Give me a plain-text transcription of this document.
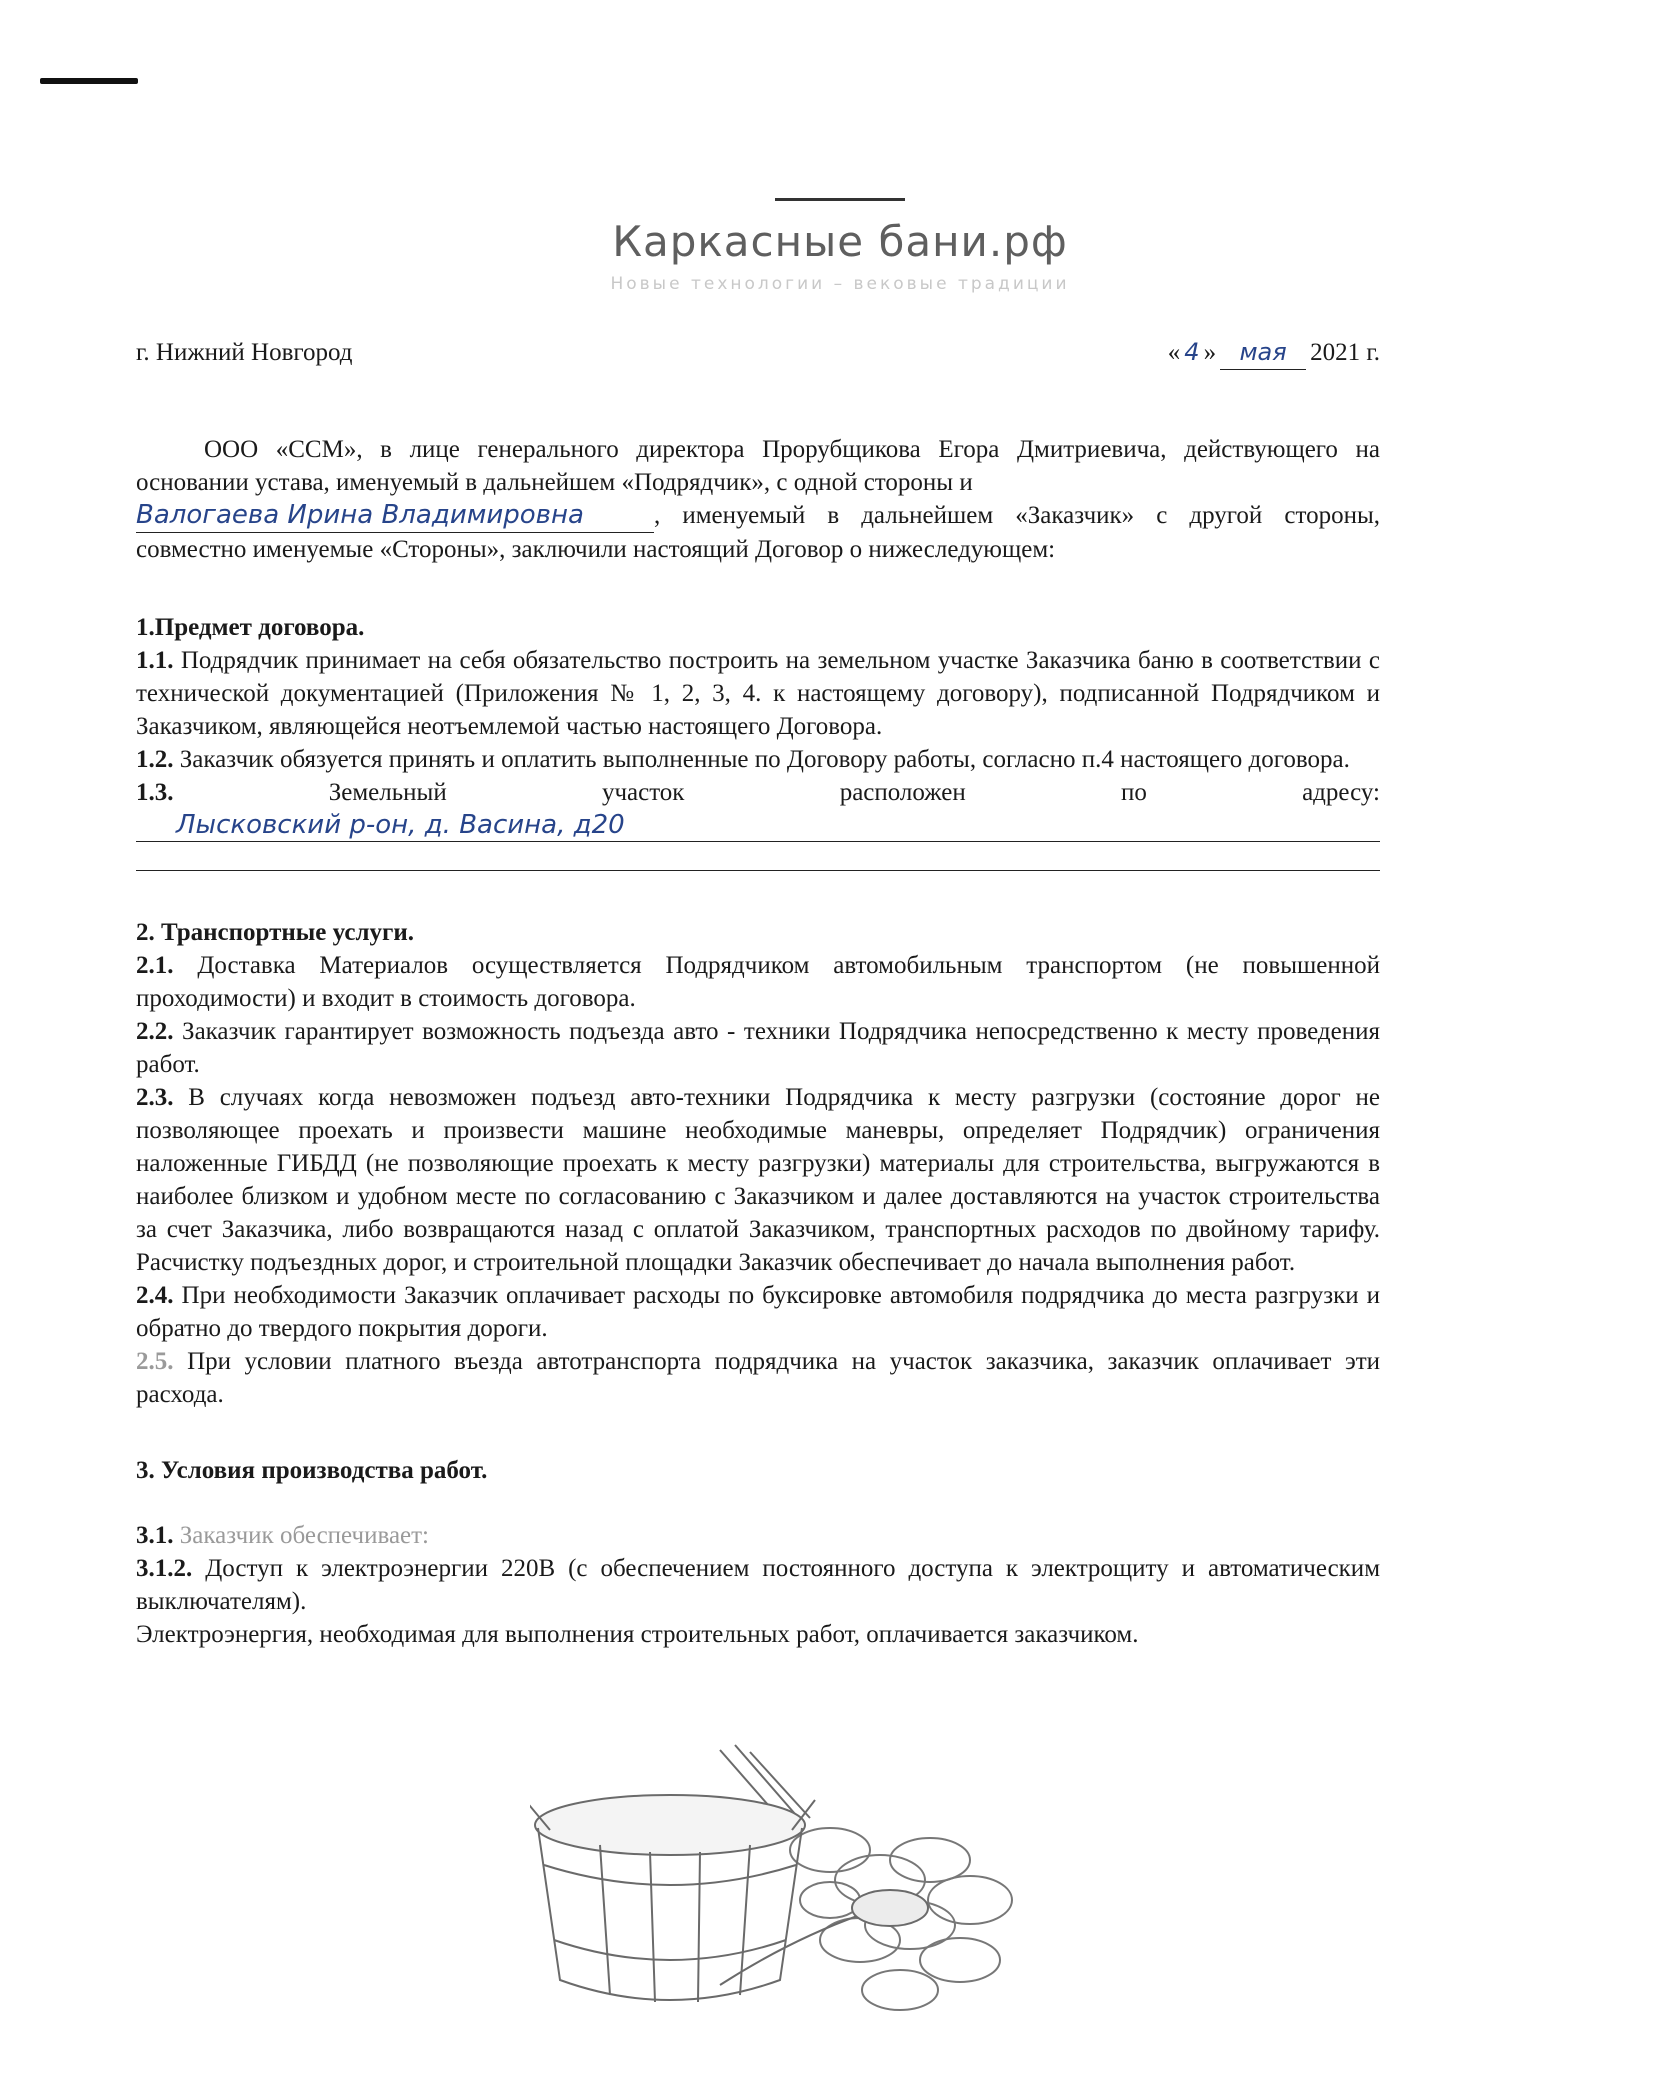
Каркасные бани.рф
Новые технологии – вековые традиции
г. Нижний Новгород	« 4 » мая 2021 г.

ООО «ССМ», в лице генерального директора Прорубщикова Егора Дмитриевича, действующего на основании устава, именуемый в дальнейшем «Подрядчик», с одной стороны и

Валогаева Ирина Владимировна	, именуемый в дальнейшем «Заказчик» с другой стороны, совместно именуемые «Стороны», заключили настоящий Договор о нижеследующем:

1.Предмет договора.

1.1. Подрядчик принимает на себя обязательство построить на земельном участке Заказчика баню в соответствии с технической документацией (Приложения № 1, 2, 3, 4. к настоящему договору), подписанной Подрядчиком и Заказчиком, являющейся неотъемлемой частью настоящего Договора.

1.2. Заказчик обязуется принять и оплатить выполненные по Договору работы, согласно п.4 настоящего договора.

1.3.	Земельный	участок	расположен	по	адресу:
Лысковский р-он, д. Васина, д20
2. Транспортные услуги.

2.1. Доставка Материалов осуществляется Подрядчиком автомобильным транспортом (не повышенной проходимости) и входит в стоимость договора.

2.2. Заказчик гарантирует возможность подъезда авто - техники Подрядчика непосредственно к месту проведения работ.

2.3. В случаях когда невозможен подъезд авто-техники Подрядчика к месту разгрузки (состояние дорог не позволяющее проехать и произвести машине необходимые маневры, определяет Подрядчик) ограничения наложенные ГИБДД (не позволяющие проехать к месту разгрузки) материалы для строительства, выгружаются в наиболее близком и удобном месте по согласованию с Заказчиком и далее доставляются на участок строительства за счет Заказчика, либо возвращаются назад с оплатой Заказчиком, транспортных расходов по двойному тарифу. Расчистку подъездных дорог, и строительной площадки Заказчик обеспечивает до начала выполнения работ.

2.4. При необходимости Заказчик оплачивает расходы по буксировке автомобиля подрядчика до места разгрузки и обратно до твердого покрытия дороги.

2.5. При условии платного въезда автотранспорта подрядчика на участок заказчика, заказчик оплачивает эти расхода.

3. Условия производства работ.

3.1. Заказчик обеспечивает:

3.1.2. Доступ к электроэнергии 220В (с обеспечением постоянного доступа к электрощиту и автоматическим выключателям).

Электроэнергия, необходимая для выполнения строительных работ, оплачивается заказчиком.
